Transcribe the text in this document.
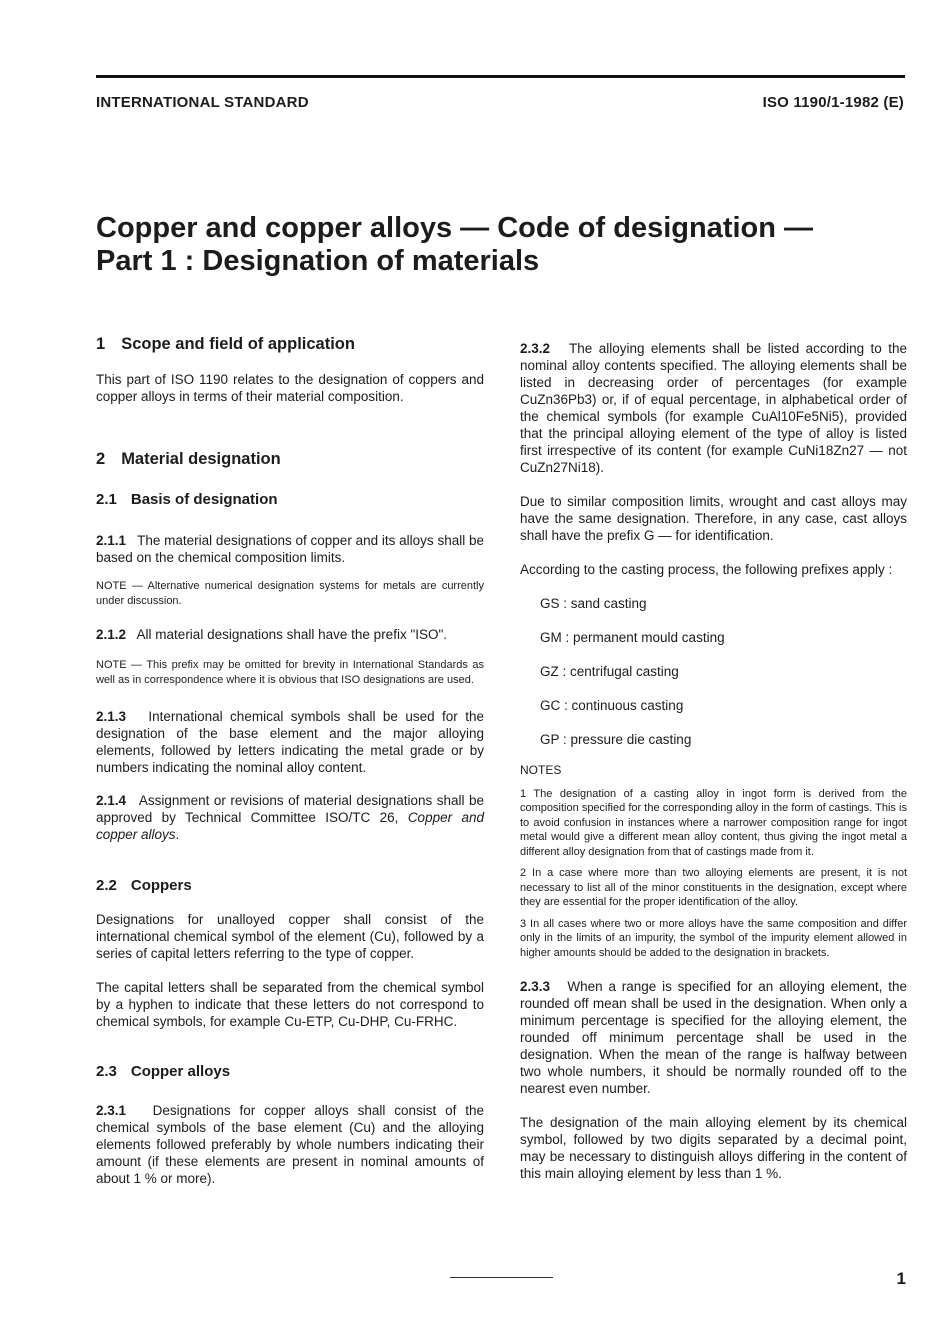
INTERNATIONAL STANDARD	ISO 1190/1-1982 (E)
Copper and copper alloys — Code of designation —
Part 1 : Designation of materials

1 Scope and field of application

This part of ISO 1190 relates to the designation of coppers and copper alloys in terms of their material composition.

2 Material designation

2.1 Basis of designation

2.1.1 The material designations of copper and its alloys shall be based on the chemical composition limits.

NOTE — Alternative numerical designation systems for metals are currently under discussion.

2.1.2 All material designations shall have the prefix "ISO".

NOTE — This prefix may be omitted for brevity in International Standards as well as in correspondence where it is obvious that ISO designations are used.

2.1.3 International chemical symbols shall be used for the designation of the base element and the major alloying elements, followed by letters indicating the metal grade or by numbers indicating the nominal alloy content.

2.1.4 Assignment or revisions of material designations shall be approved by Technical Committee ISO/TC 26, Copper and copper alloys.

2.2 Coppers

Designations for unalloyed copper shall consist of the international chemical symbol of the element (Cu), followed by a series of capital letters referring to the type of copper.

The capital letters shall be separated from the chemical symbol by a hyphen to indicate that these letters do not correspond to chemical symbols, for example Cu-ETP, Cu-DHP, Cu-FRHC.

2.3 Copper alloys

2.3.1 Designations for copper alloys shall consist of the chemical symbols of the base element (Cu) and the alloying elements followed preferably by whole numbers indicating their amount (if these elements are present in nominal amounts of about 1 % or more).

2.3.2 The alloying elements shall be listed according to the nominal alloy contents specified. The alloying elements shall be listed in decreasing order of percentages (for example CuZn36Pb3) or, if of equal percentage, in alphabetical order of the chemical symbols (for example CuAl10Fe5Ni5), provided that the principal alloying element of the type of alloy is listed first irrespective of its content (for example CuNi18Zn27 — not CuZn27Ni18).

Due to similar composition limits, wrought and cast alloys may have the same designation. Therefore, in any case, cast alloys shall have the prefix G — for identification.

According to the casting process, the following prefixes apply :

GS : sand casting
GM : permanent mould casting
GZ : centrifugal casting
GC : continuous casting
GP : pressure die casting

NOTES

1 The designation of a casting alloy in ingot form is derived from the composition specified for the corresponding alloy in the form of castings. This is to avoid confusion in instances where a narrower composition range for ingot metal would give a different mean alloy content, thus giving the ingot metal a different alloy designation from that of castings made from it.

2 In a case where more than two alloying elements are present, it is not necessary to list all of the minor constituents in the designation, except where they are essential for the proper identification of the alloy.

3 In all cases where two or more alloys have the same composition and differ only in the limits of an impurity, the symbol of the impurity element allowed in higher amounts should be added to the designation in brackets.

2.3.3 When a range is specified for an alloying element, the rounded off mean shall be used in the designation. When only a minimum percentage is specified for the alloying element, the rounded off minimum percentage shall be used in the designation. When the mean of the range is halfway between two whole numbers, it should be normally rounded off to the nearest even number.

The designation of the main alloying element by its chemical symbol, followed by two digits separated by a decimal point, may be necessary to distinguish alloys differing in the content of this main alloying element by less than 1 %.

1
